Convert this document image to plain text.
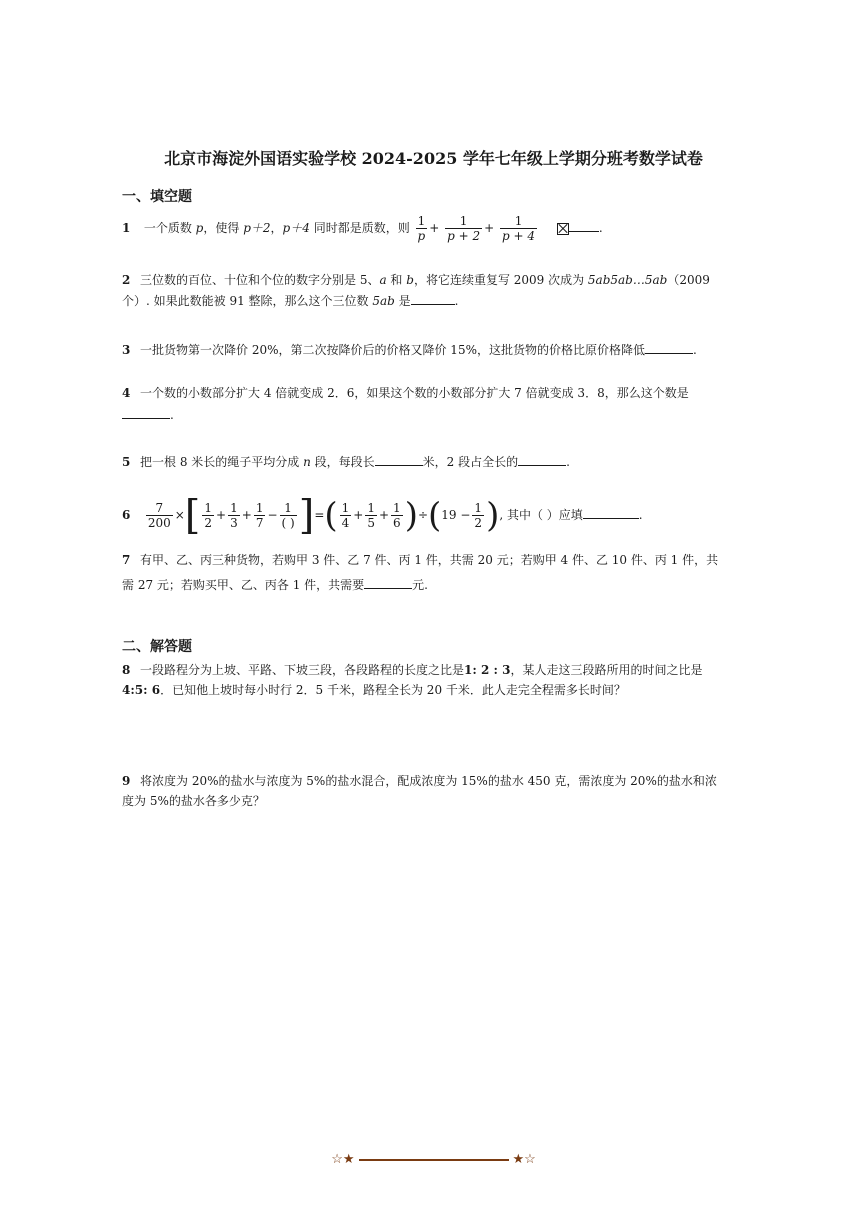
北京市海淀外国语实验学校 2024-2025 学年七年级上学期分班考数学试卷
一、填空题
1 一个质数 p，使得 p＋2，p＋4 同时都是质数，则 $\frac{1}{p} + \frac{1}{p + 2} + \frac{1}{p + 4}$	.
2 三位数的百位、十位和个位的数字分别是 5、a 和 b，将它连续重复写 2009 次成为 5ab5ab…5ab（2009
个）. 如果此数能被 91 整除，那么这个三位数 5ab 是	.
3 一批货物第一次降价 20%，第二次按降价后的价格又降价 15%，这批货物的价格比原价格降低	.
4 一个数的小数部分扩大 4 倍就变成 2．6，如果这个数的小数部分扩大 7 倍就变成 3．8，那么这个数是
.
5 把一根 8 米长的绳子平均分成 n 段，每段长	米，2 段占全长的	.
$6 \frac{7}{200}$ ×[ $\frac{1}{2} + \frac{1}{3} + \frac{1}{7} - \frac{1}{( )}$ ]=( $\frac{1}{4} + \frac{1}{5} + \frac{1}{6} )\div(19 - \frac{1}{2}$ ), 其中（ ）应填	.
7 有甲、乙、丙三种货物，若购甲 3 件、乙 7 件、丙 1 件，共需 20 元；若购甲 4 件、乙 10 件、丙 1 件，共
需 27 元；若购买甲、乙、丙各 1 件，共需要	元.
二、解答题
8 一段路程分为上坡、平路、下坡三段，各段路程的长度之比是1: 2 : 3，某人走这三段路所用的时间之比是
4:5: 6．已知他上坡时每小时行 2．5 千米，路程全长为 20 千米．此人走完全程需多长时间？
9 将浓度为 20%的盐水与浓度为 5%的盐水混合，配成浓度为 15%的盐水 450 克，需浓度为 20%的盐水和浓
度为 5%的盐水各多少克？
☆★	★☆
